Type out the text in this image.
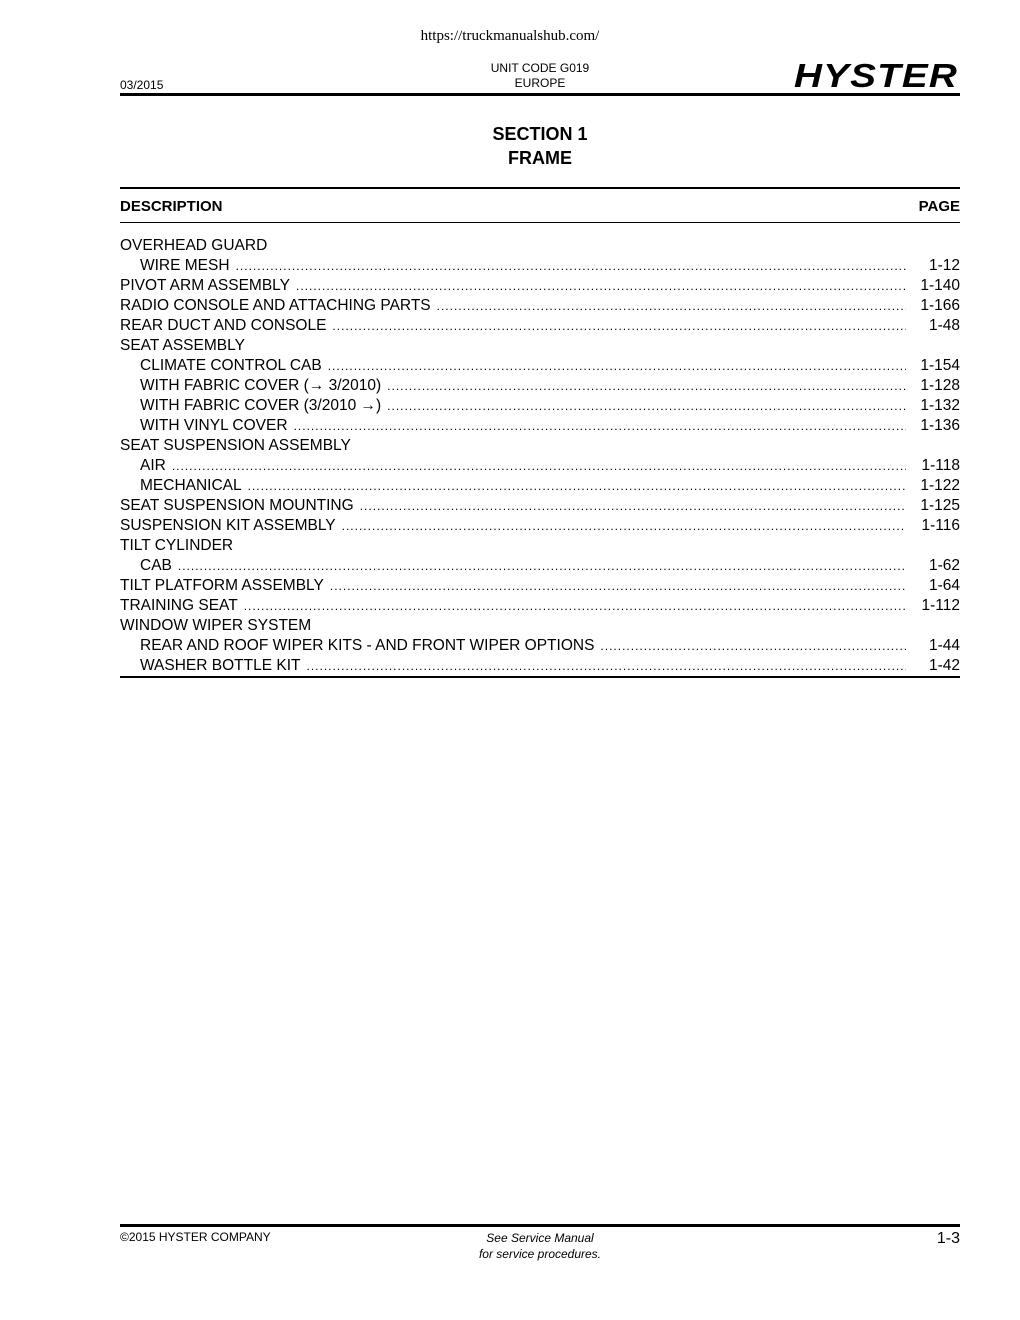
https://truckmanualshub.com/
03/2015
UNIT CODE G019
EUROPE	HYSTER
SECTION 1
FRAME
DESCRIPTION	PAGE
OVERHEAD GUARD
WIRE MESH .....	1-12
PIVOT ARM ASSEMBLY .....	1-140
RADIO CONSOLE AND ATTACHING PARTS .....	1-166
REAR DUCT AND CONSOLE .....	1-48
SEAT ASSEMBLY
CLIMATE CONTROL CAB .....	1-154
WITH FABRIC COVER (→ 3/2010) .....	1-128
WITH FABRIC COVER (3/2010 →) .....	1-132
WITH VINYL COVER .....	1-136
SEAT SUSPENSION ASSEMBLY
AIR .....	1-118
MECHANICAL .....	1-122
SEAT SUSPENSION MOUNTING .....	1-125
SUSPENSION KIT ASSEMBLY .....	1-116
TILT CYLINDER
CAB .....	1-62
TILT PLATFORM ASSEMBLY .....	1-64
TRAINING SEAT .....	1-112
WINDOW WIPER SYSTEM
REAR AND ROOF WIPER KITS - AND FRONT WIPER OPTIONS .....	1-44
WASHER BOTTLE KIT .....	1-42
©2015 HYSTER COMPANY	See Service Manual
for service procedures.
1-3
